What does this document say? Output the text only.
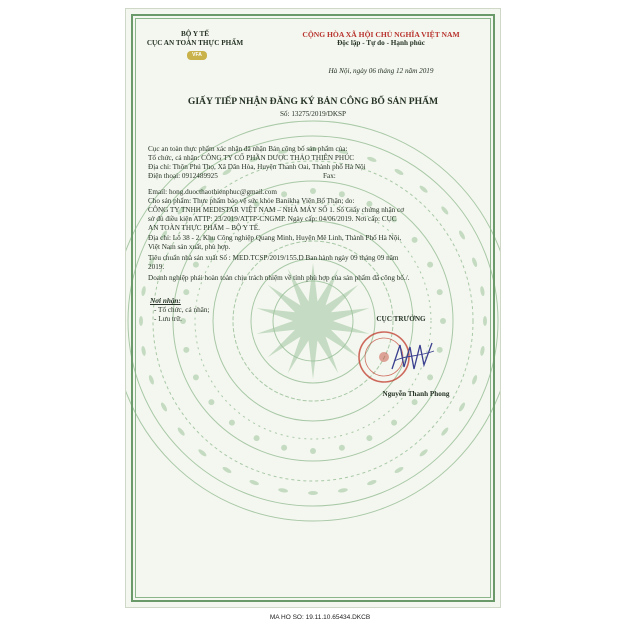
BỘ Y TẾ
CỤC AN TOÀN THỰC PHẨM
VFA
CỘNG HÒA XÃ HỘI CHỦ NGHĨA VIỆT NAM
Độc lập - Tự do - Hạnh phúc
Hà Nội, ngày 06 tháng 12 năm 2019
GIẤY TIẾP NHẬN ĐĂNG KÝ BẢN CÔNG BỐ SẢN PHẨM
Số: 13275/2019/DKSP
Cục an toàn thực phẩm xác nhận đã nhận Bản công bố sản phẩm của:
Tổ chức, cá nhân: CÔNG TY CỔ PHẦN DƯỢC THẢO THIÊN PHÚC
Địa chỉ: Thôn Phú Thọ, Xã Dân Hòa, Huyện Thanh Oai, Thành phố Hà Nội
Điện thoại: 0912489925	Fax:
Email: hong.duocthaothienphuc@gmail.com
Cho sản phẩm: Thực phẩm bảo vệ sức khỏe Banikha Viên Bổ Thận; do:
CÔNG TY TNHH MEDISTAR VIỆT NAM – NHÀ MÁY SỐ 1. Số Giấy chứng nhận cơ
sở đủ điều kiện ATTP: 23/2019/ATTP-CNGMP. Ngày cấp: 04/06/2019. Nơi cấp: CỤC
AN TOÀN THỰC PHẨM – BỘ Y TẾ.
Địa chỉ: Lô 38 - 2, Khu Công nghiệp Quang Minh, Huyện Mê Linh, Thành Phố Hà Nội,
Việt Nam sản xuất, phù hợp.
Tiêu chuẩn nhà sản xuất Số : MED.TCSP/2019/155.D Ban hành ngày 09 tháng 09 năm
2019.
Doanh nghiệp phải hoàn toàn chịu trách nhiệm về tính phù hợp của sản phẩm đã công bố./.
Nơi nhận:
- Tổ chức, cá nhân;
- Lưu trữ.	CỤC TRƯỞNG
Nguyễn Thanh Phong
MA HO SO: 19.11.10.65434.DKCB
